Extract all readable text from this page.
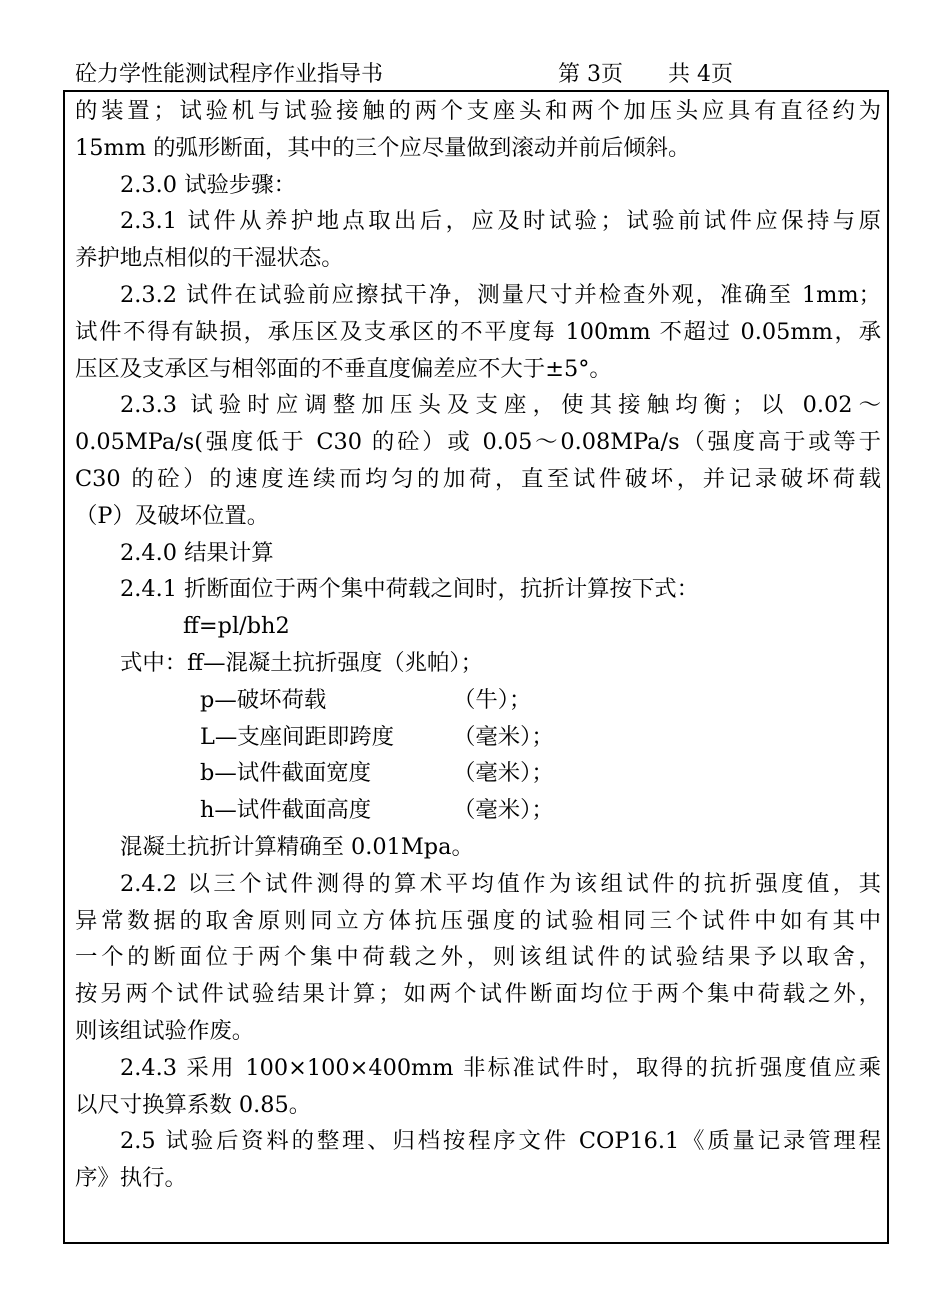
砼力学性能测试程序作业指导书	第 3页 共 4页
的装置；试验机与试验接触的两个支座头和两个加压头应具有直径约为
15mm 的弧形断面，其中的三个应尽量做到滚动并前后倾斜。
2.3.0 试验步骤：
2.3.1 试件从养护地点取出后，应及时试验；试验前试件应保持与原
养护地点相似的干湿状态。
2.3.2 试件在试验前应擦拭干净，测量尺寸并检查外观，准确至 1mm；
试件不得有缺损，承压区及支承区的不平度每 100mm 不超过 0.05mm，承
压区及支承区与相邻面的不垂直度偏差应不大于±5°。
2.3.3 试验时应调整加压头及支座，使其接触均衡；以 0.02～
0.05MPa/s(强度低于 C30 的砼）或 0.05～0.08MPa/s（强度高于或等于
C30 的砼）的速度连续而均匀的加荷，直至试件破坏，并记录破坏荷载
（P）及破坏位置。
2.4.0 结果计算
2.4.1 折断面位于两个集中荷载之间时，抗折计算按下式：
ff=pl/bh2
式中：ff—混凝土抗折强度（兆帕）；
p—破坏荷载	（牛）；
L—支座间距即跨度	（毫米）；
b—试件截面宽度	（毫米）；
h—试件截面高度	（毫米）；
混凝土抗折计算精确至 0.01Mpa。
2.4.2 以三个试件测得的算术平均值作为该组试件的抗折强度值，其
异常数据的取舍原则同立方体抗压强度的试验相同三个试件中如有其中
一个的断面位于两个集中荷载之外，则该组试件的试验结果予以取舍，
按另两个试件试验结果计算；如两个试件断面均位于两个集中荷载之外，
则该组试验作废。
2.4.3 采用 100×100×400mm 非标准试件时，取得的抗折强度值应乘
以尺寸换算系数 0.85。
2.5 试验后资料的整理、归档按程序文件 COP16.1《质量记录管理程
序》执行。
